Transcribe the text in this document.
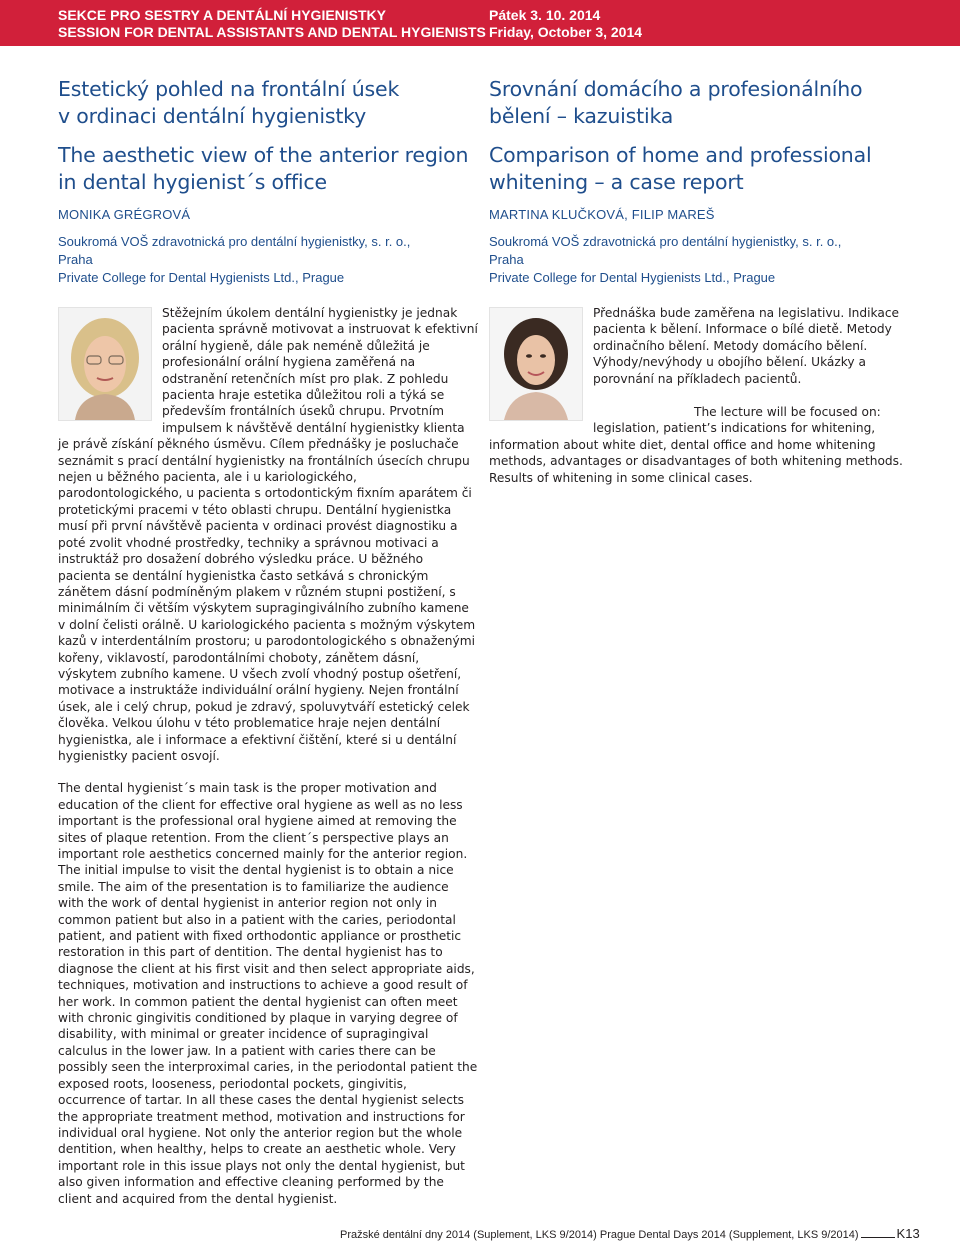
SEKCE PRO SESTRY A DENTÁLNÍ HYGIENISTKY
SESSION FOR DENTAL ASSISTANTS AND DENTAL HYGIENISTS
Pátek 3. 10. 2014
Friday, October 3, 2014
Estetický pohled na frontální úsek
v ordinaci dentální hygienistky
The aesthetic view of the anterior region
in dental hygienist´s office
MONIKA GRÉGROVÁ
Soukromá VOŠ zdravotnická pro dentální hygienistky, s. r. o.,
Praha
Private College for Dental Hygienists Ltd., Prague

Stěžejním úkolem dentální hygienistky je jednak pacienta správně motivovat a instruovat k efektivní orální hygieně, dále pak neméně důležitá je profesionální orální hygiena zaměřená na odstranění retenčních míst pro plak. Z pohledu pacienta hraje estetika důležitou roli a týká se především frontálních úseků chrupu. Prvotním impulsem k návštěvě dentální hygienistky klienta je právě získání pěkného úsměvu. Cílem přednášky je posluchače seznámit s prací dentální hygienistky na frontálních úsecích chrupu nejen u běžného pacienta, ale i u kariologického, parodontologického, u pacienta s ortodontickým fixním aparátem či protetickými pracemi v této oblasti chrupu. Dentální hygienistka musí při první návštěvě pacienta v ordinaci provést diagnostiku a poté zvolit vhodné prostředky, techniky a správnou motivaci a instruktáž pro dosažení dobrého výsledku práce. U běžného pacienta se dentální hygienistka často setkává s chronickým zánětem dásní podmíněným plakem v různém stupni postižení, s minimálním či větším výskytem supragingiválního zubního kamene v dolní čelisti orálně. U kariologického pacienta s možným výskytem kazů v interdentálním prostoru; u parodontologického s obnaženými kořeny, viklavostí, parodontálními choboty, zánětem dásní, výskytem zubního kamene. U všech zvolí vhodný postup ošetření, motivace a instruktáže individuální orální hygieny. Nejen frontální úsek, ale i celý chrup, pokud je zdravý, spoluvytváří estetický celek člověka. Velkou úlohu v této problematice hraje nejen dentální hygienistka, ale i informace a efektivní čištění, které si u dentální hygienistky pacient osvojí.

The dental hygienist´s main task is the proper motivation and education of the client for effective oral hygiene as well as no less important is the professional oral hygiene aimed at removing the sites of plaque retention. From the client´s perspective plays an important role aesthetics concerned mainly for the anterior region. The initial impulse to visit the dental hygienist is to obtain a nice smile. The aim of the presentation is to familiarize the audience with the work of dental hygienist in anterior region not only in common patient but also in a patient with the caries, periodontal patient, and patient with fixed orthodontic appliance or prosthetic restoration in this part of dentition. The dental hygienist has to diagnose the client at his first visit and then select appropriate aids, techniques, motivation and instructions to achieve a good result of her work. In common patient the dental hygienist can often meet with chronic gingivitis conditioned by plaque in varying degree of disability, with minimal or greater incidence of supragingival calculus in the lower jaw. In a patient with caries there can be possibly seen the interproximal caries, in the periodontal patient the exposed roots, looseness, periodontal pockets, gingivitis, occurrence of tartar. In all these cases the dental hygienist selects the appropriate treatment method, motivation and instructions for individual oral hygiene. Not only the anterior region but the whole dentition, when healthy, helps to create an aesthetic whole. Very important role in this issue plays not only the dental hygienist, but also given information and effective cleaning performed by the client and acquired from the dental hygienist.

Srovnání domácího a profesionálního
bělení – kazuistika
Comparison of home and professional
whitening – a case report
MARTINA KLUČKOVÁ, FILIP MAREŠ
Soukromá VOŠ zdravotnická pro dentální hygienistky, s. r. o.,
Praha
Private College for Dental Hygienists Ltd., Prague

Přednáška bude zaměřena na legislativu. Indikace pacienta k bělení. Informace o bílé dietě. Metody ordinačního bělení. Metody domácího bělení. Výhody/nevýhody u obojího bělení. Ukázky a porovnání na příkladech pacientů.

The lecture will be focused on: legislation, patient’s indications for whitening, information about white diet, dental office and home whitening methods, advantages or disadvantages of both whitening methods. Results of whitening in some clinical cases.

Pražské dentální dny 2014 (Suplement, LKS 9/2014) Prague Dental Days 2014 (Supplement, LKS 9/2014)	K13
